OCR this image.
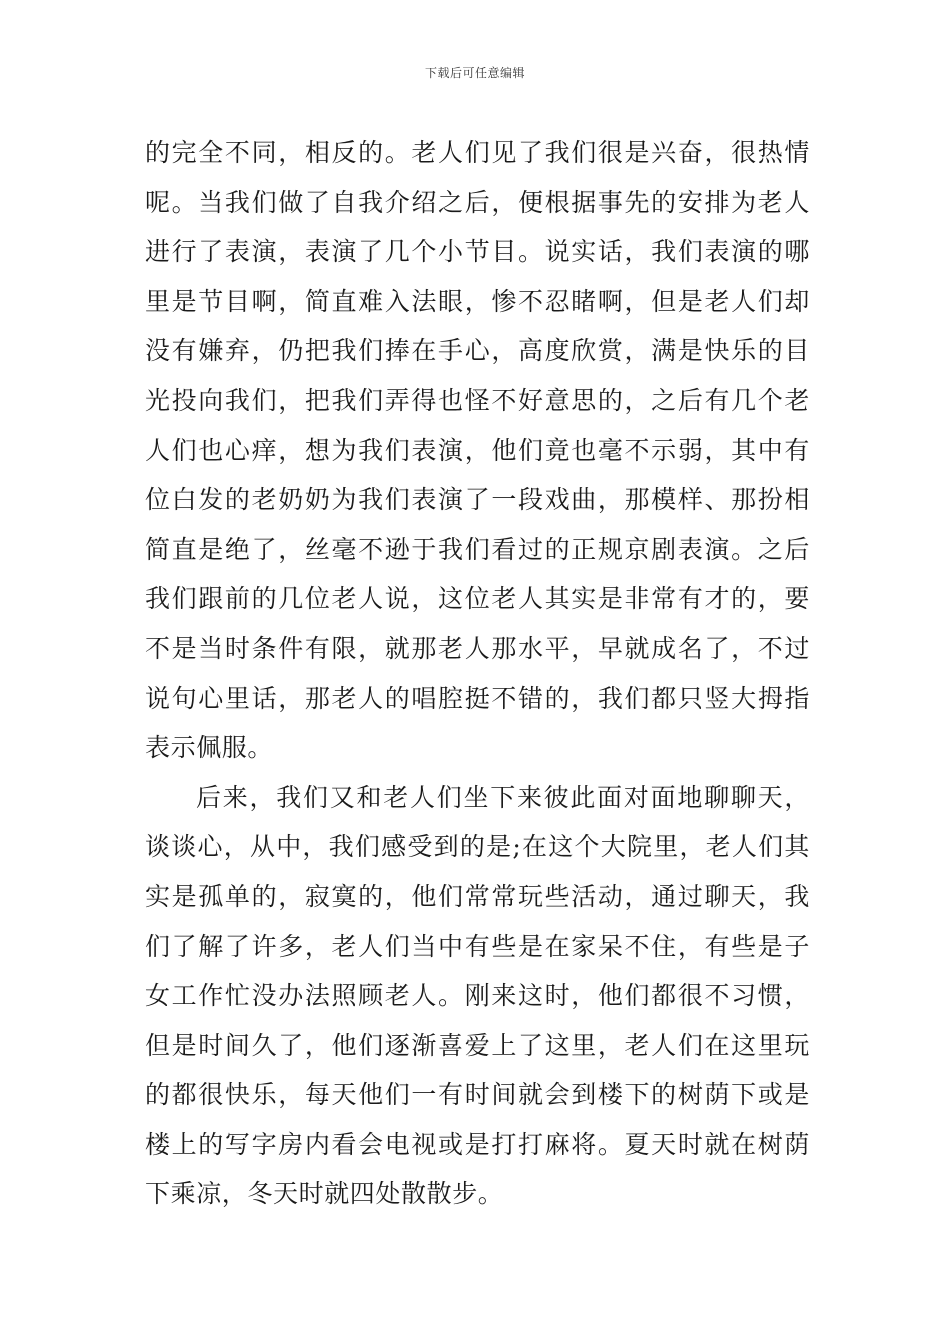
下载后可任意编辑
的完全不同，相反的。老人们见了我们很是兴奋，很热情
呢。当我们做了自我介绍之后，便根据事先的安排为老人
进行了表演，表演了几个小节目。说实话，我们表演的哪
里是节目啊，简直难入法眼，惨不忍睹啊，但是老人们却
没有嫌弃，仍把我们捧在手心，高度欣赏，满是快乐的目
光投向我们，把我们弄得也怪不好意思的，之后有几个老
人们也心痒，想为我们表演，他们竟也毫不示弱，其中有
位白发的老奶奶为我们表演了一段戏曲，那模样、那扮相
简直是绝了，丝毫不逊于我们看过的正规京剧表演。之后
我们跟前的几位老人说，这位老人其实是非常有才的，要
不是当时条件有限，就那老人那水平，早就成名了，不过
说句心里话，那老人的唱腔挺不错的，我们都只竖大拇指
表示佩服。
后来，我们又和老人们坐下来彼此面对面地聊聊天，
谈谈心，从中，我们感受到的是;在这个大院里，老人们其
实是孤单的，寂寞的，他们常常玩些活动，通过聊天，我
们了解了许多，老人们当中有些是在家呆不住，有些是子
女工作忙没办法照顾老人。刚来这时，他们都很不习惯，
但是时间久了，他们逐渐喜爱上了这里，老人们在这里玩
的都很快乐，每天他们一有时间就会到楼下的树荫下或是
楼上的写字房内看会电视或是打打麻将。夏天时就在树荫
下乘凉，冬天时就四处散散步。
